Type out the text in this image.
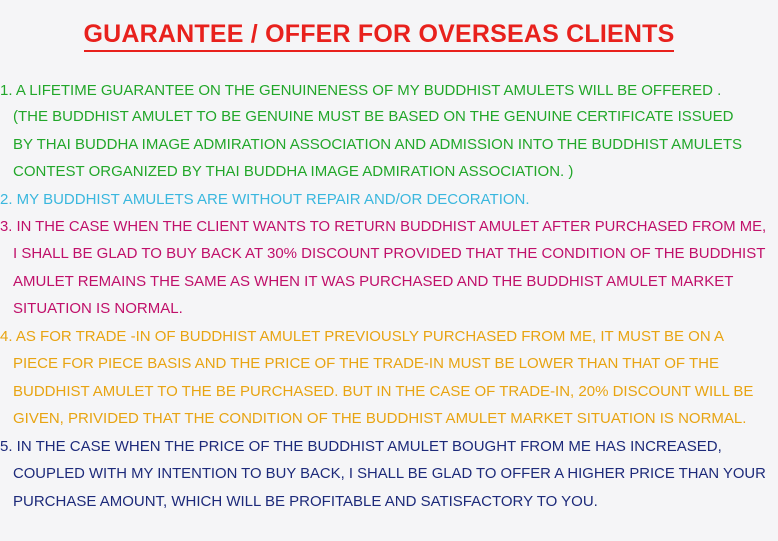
GUARANTEE / OFFER FOR OVERSEAS CLIENTS
1. A LIFETIME GUARANTEE ON THE GENUINENESS OF MY BUDDHIST AMULETS WILL BE OFFERED .
(THE BUDDHIST AMULET TO BE GENUINE MUST BE BASED ON THE GENUINE CERTIFICATE ISSUED
BY THAI BUDDHA IMAGE ADMIRATION ASSOCIATION AND ADMISSION INTO THE BUDDHIST AMULETS
CONTEST ORGANIZED BY THAI BUDDHA IMAGE ADMIRATION ASSOCIATION. )
2. MY BUDDHIST AMULETS ARE WITHOUT REPAIR AND/OR DECORATION.
3. IN THE CASE WHEN THE CLIENT WANTS TO RETURN BUDDHIST AMULET AFTER PURCHASED FROM ME,
I SHALL BE GLAD TO BUY BACK AT 30% DISCOUNT PROVIDED THAT THE CONDITION OF THE BUDDHIST
AMULET REMAINS THE SAME AS WHEN IT WAS PURCHASED AND THE BUDDHIST AMULET MARKET
SITUATION IS NORMAL.
4. AS FOR TRADE -IN OF BUDDHIST AMULET PREVIOUSLY PURCHASED FROM ME, IT MUST BE ON A
PIECE FOR PIECE BASIS AND THE PRICE OF THE TRADE-IN MUST BE LOWER THAN THAT OF THE
BUDDHIST AMULET TO THE BE PURCHASED. BUT IN THE CASE OF TRADE-IN, 20% DISCOUNT WILL BE
GIVEN, PRIVIDED THAT THE CONDITION OF THE BUDDHIST AMULET MARKET SITUATION IS NORMAL.
5. IN THE CASE WHEN THE PRICE OF THE BUDDHIST AMULET BOUGHT FROM ME HAS INCREASED,
COUPLED WITH MY INTENTION TO BUY BACK, I SHALL BE GLAD TO OFFER A HIGHER PRICE THAN YOUR
PURCHASE AMOUNT, WHICH WILL BE PROFITABLE AND SATISFACTORY TO YOU.
